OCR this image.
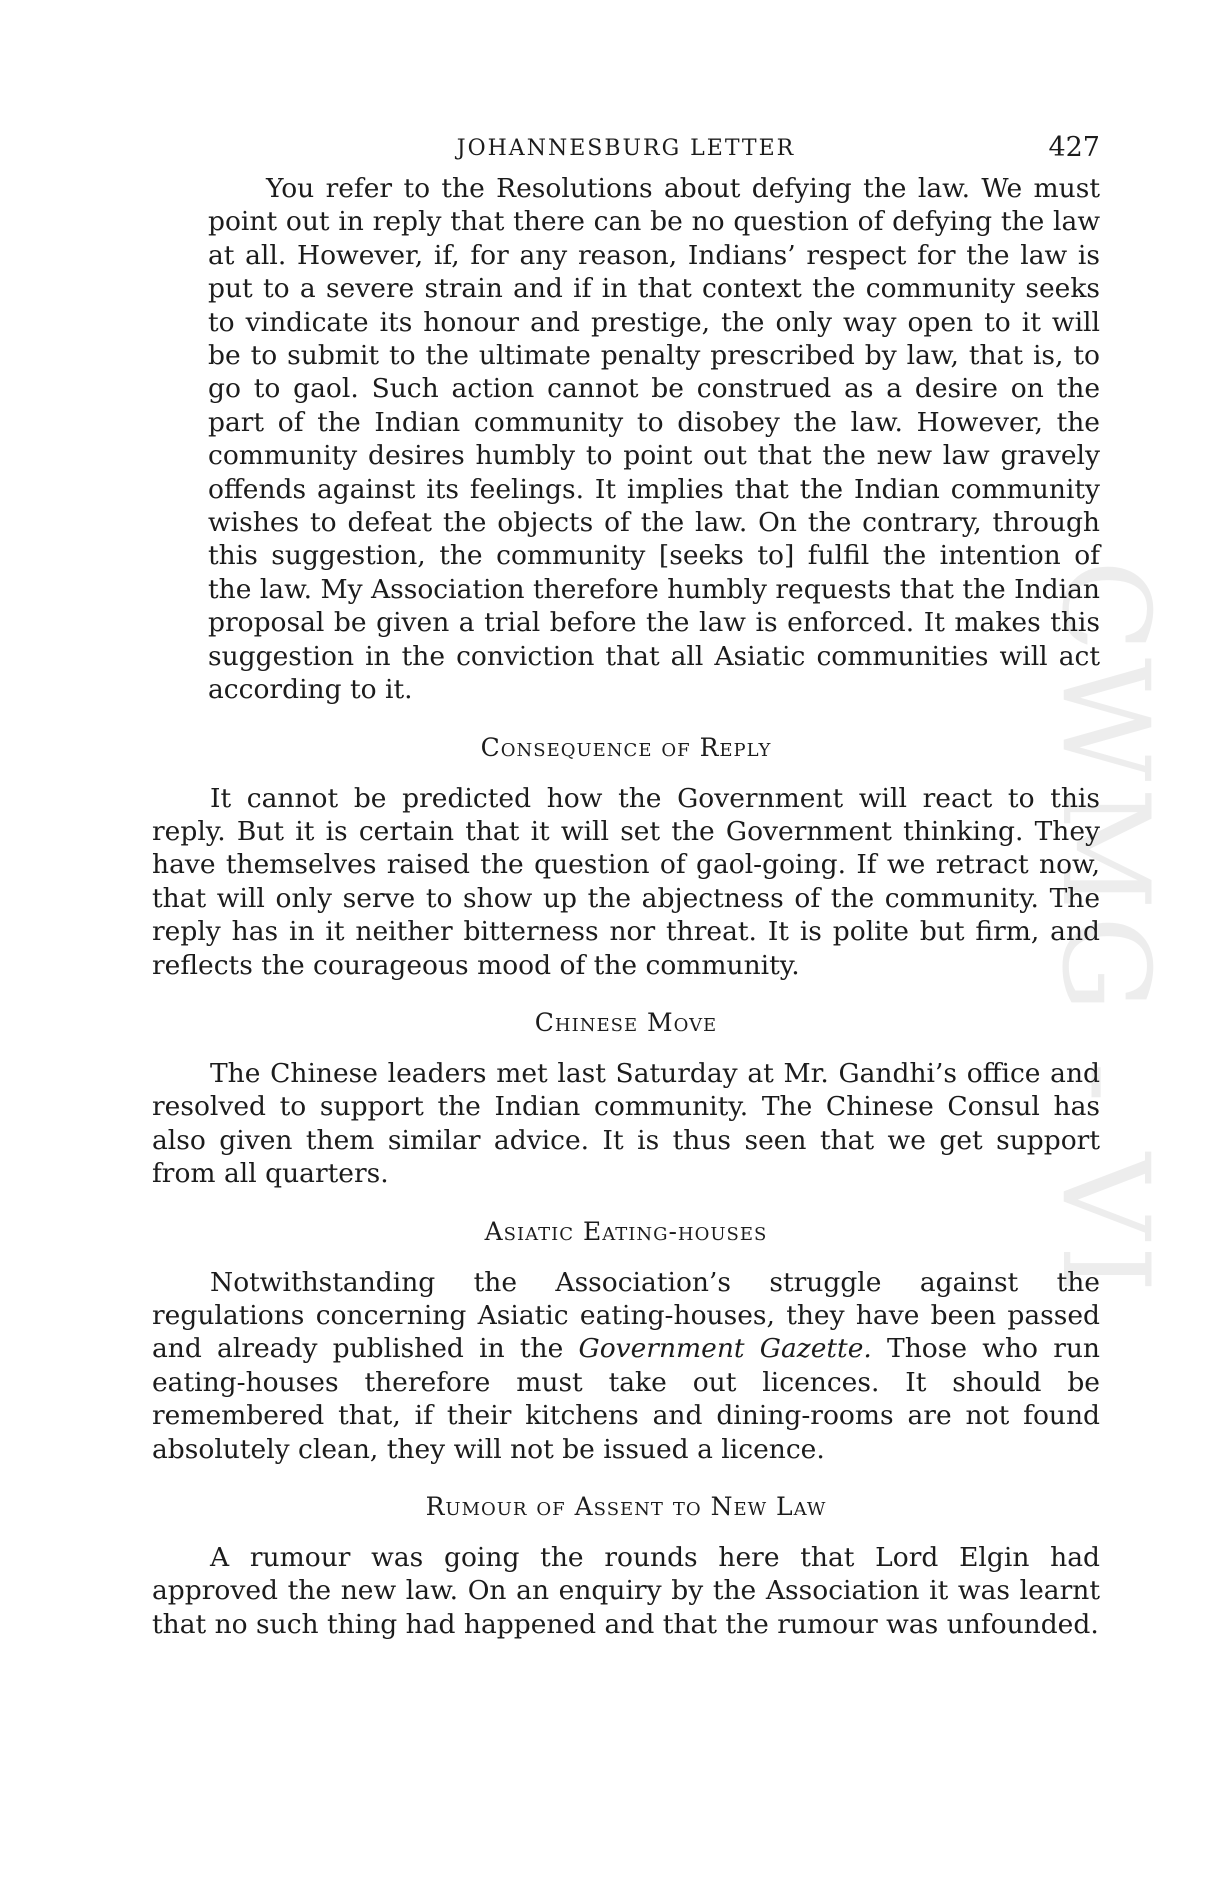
CWMG - VI
JOHANNESBURG LETTER	427

You refer to the Resolutions about defying the law. We must point out in reply that there can be no question of defying the law at all. However, if, for any reason, Indians’ respect for the law is put to a severe strain and if in that context the community seeks to vindicate its honour and prestige, the only way open to it will be to submit to the ultimate penalty prescribed by law, that is, to go to gaol. Such action cannot be construed as a desire on the part of the Indian community to disobey the law. However, the community desires humbly to point out that the new law gravely offends against its feelings. It implies that the Indian community wishes to defeat the objects of the law. On the contrary, through this suggestion, the community [seeks to] fulfil the intention of the law. My Association therefore humbly requests that the Indian proposal be given a trial before the law is enforced. It makes this suggestion in the conviction that all Asiatic communities will act according to it.

Consequence of Reply

It cannot be predicted how the Government will react to this reply. But it is certain that it will set the Government thinking. They have themselves raised the question of gaol-going. If we retract now, that will only serve to show up the abjectness of the community. The reply has in it neither bitterness nor threat. It is polite but firm, and reflects the courageous mood of the community.

Chinese Move

The Chinese leaders met last Saturday at Mr. Gandhi’s office and resolved to support the Indian community. The Chinese Consul has also given them similar advice. It is thus seen that we get support from all quarters.

Asiatic Eating-houses

Notwithstanding the Association’s struggle against the regulations concerning Asiatic eating-houses, they have been passed and already published in the Government Gazette. Those who run eating-houses therefore must take out licences. It should be remembered that, if their kitchens and dining-rooms are not found absolutely clean, they will not be issued a licence.

Rumour of Assent to New Law

A rumour was going the rounds here that Lord Elgin had approved the new law. On an enquiry by the Association it was learnt that no such thing had happened and that the rumour was unfounded.
